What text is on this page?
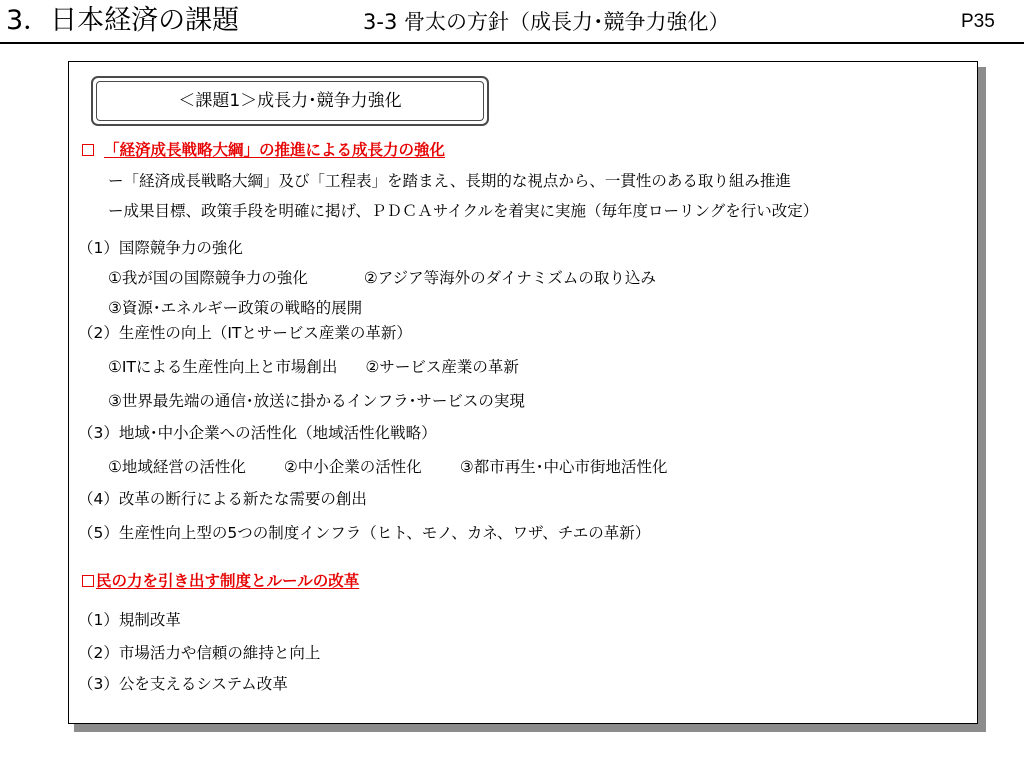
3．日本経済の課題	3-3 骨太の方針（成長力･競争力強化）	P35
＜課題1＞成長力･競争力強化
「経済成長戦略大綱」の推進による成長力の強化
ー「経済成長戦略大綱」及び「工程表」を踏まえ、長期的な視点から、一貫性のある取り組み推進
ー成果目標、政策手段を明確に掲げ、ＰＤＣＡサイクルを着実に実施（毎年度ローリングを行い改定）
（1）国際競争力の強化
①我が国の国際競争力の強化	②アジア等海外のダイナミズムの取り込み
③資源･エネルギー政策の戦略的展開
（2）生産性の向上（ITとサービス産業の革新）
①ITによる生産性向上と市場創出 ②サービス産業の革新
③世界最先端の通信･放送に掛かるインフラ･サービスの実現
（3）地域･中小企業への活性化（地域活性化戦略）
①地域経営の活性化 ②中小企業の活性化 ③都市再生･中心市街地活性化
（4）改革の断行による新たな需要の創出
（5）生産性向上型の5つの制度インフラ（ヒト、モノ、カネ、ワザ、チエの革新）
民の力を引き出す制度とルールの改革
（1）規制改革
（2）市場活力や信頼の維持と向上
（3）公を支えるシステム改革
